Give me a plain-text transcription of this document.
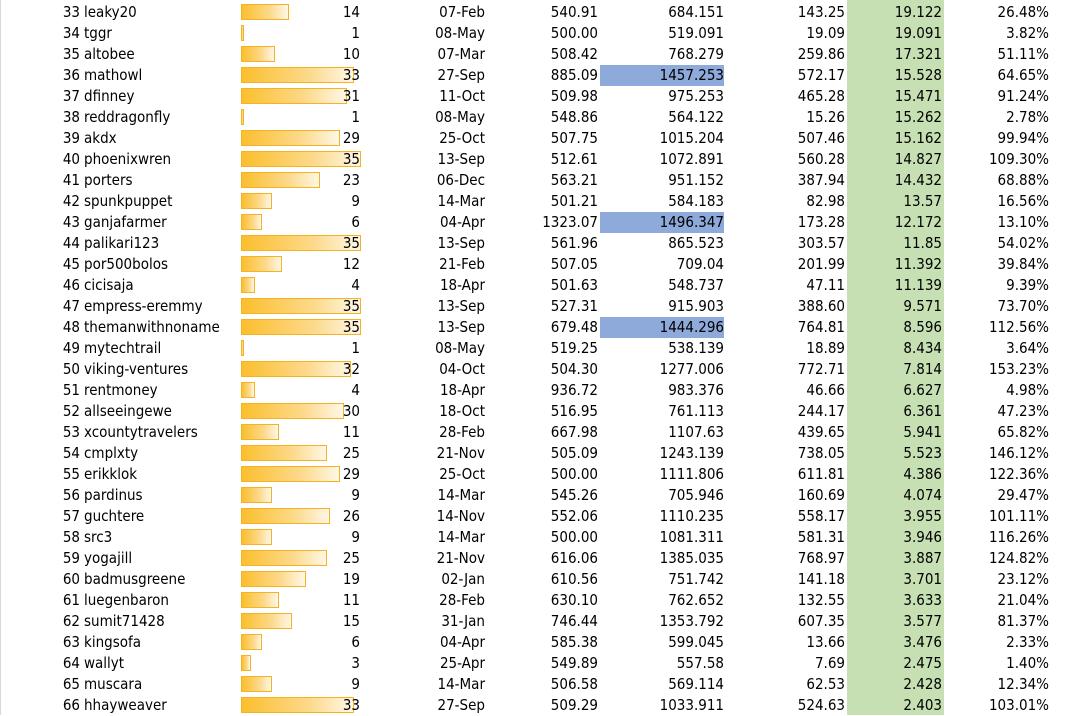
33 leaky20	14	07-Feb	540.91	684.151	143.25	19.122	26.48%
34 tggr	1	08-May	500.00	519.091	19.09	19.091	3.82%
35 altobee	10	07-Mar	508.42	768.279	259.86	17.321	51.11%
36 mathowl	33	27-Sep	885.09	1457.253	572.17	15.528	64.65%
37 dfinney	31	11-Oct	509.98	975.253	465.28	15.471	91.24%
38 reddragonfly	1	08-May	548.86	564.122	15.26	15.262	2.78%
39 akdx	29	25-Oct	507.75	1015.204	507.46	15.162	99.94%
40 phoenixwren	35	13-Sep	512.61	1072.891	560.28	14.827	109.30%
41 porters	23	06-Dec	563.21	951.152	387.94	14.432	68.88%
42 spunkpuppet	9	14-Mar	501.21	584.183	82.98	13.57	16.56%
43 ganjafarmer	6	04-Apr	1323.07	1496.347	173.28	12.172	13.10%
44 palikari123	35	13-Sep	561.96	865.523	303.57	11.85	54.02%
45 por500bolos	12	21-Feb	507.05	709.04	201.99	11.392	39.84%
46 cicisaja	4	18-Apr	501.63	548.737	47.11	11.139	9.39%
47 empress-eremmy	35	13-Sep	527.31	915.903	388.60	9.571	73.70%
48 themanwithnoname	35	13-Sep	679.48	1444.296	764.81	8.596	112.56%
49 mytechtrail	1	08-May	519.25	538.139	18.89	8.434	3.64%
50 viking-ventures	32	04-Oct	504.30	1277.006	772.71	7.814	153.23%
51 rentmoney	4	18-Apr	936.72	983.376	46.66	6.627	4.98%
52 allseeingewe	30	18-Oct	516.95	761.113	244.17	6.361	47.23%
53 xcountytravelers	11	28-Feb	667.98	1107.63	439.65	5.941	65.82%
54 cmplxty	25	21-Nov	505.09	1243.139	738.05	5.523	146.12%
55 erikklok	29	25-Oct	500.00	1111.806	611.81	4.386	122.36%
56 pardinus	9	14-Mar	545.26	705.946	160.69	4.074	29.47%
57 guchtere	26	14-Nov	552.06	1110.235	558.17	3.955	101.11%
58 src3	9	14-Mar	500.00	1081.311	581.31	3.946	116.26%
59 yogajill	25	21-Nov	616.06	1385.035	768.97	3.887	124.82%
60 badmusgreene	19	02-Jan	610.56	751.742	141.18	3.701	23.12%
61 luegenbaron	11	28-Feb	630.10	762.652	132.55	3.633	21.04%
62 sumit71428	15	31-Jan	746.44	1353.792	607.35	3.577	81.37%
63 kingsofa	6	04-Apr	585.38	599.045	13.66	3.476	2.33%
64 wallyt	3	25-Apr	549.89	557.58	7.69	2.475	1.40%
65 muscara	9	14-Mar	506.58	569.114	62.53	2.428	12.34%
66 hhayweaver	33	27-Sep	509.29	1033.911	524.63	2.403	103.01%
